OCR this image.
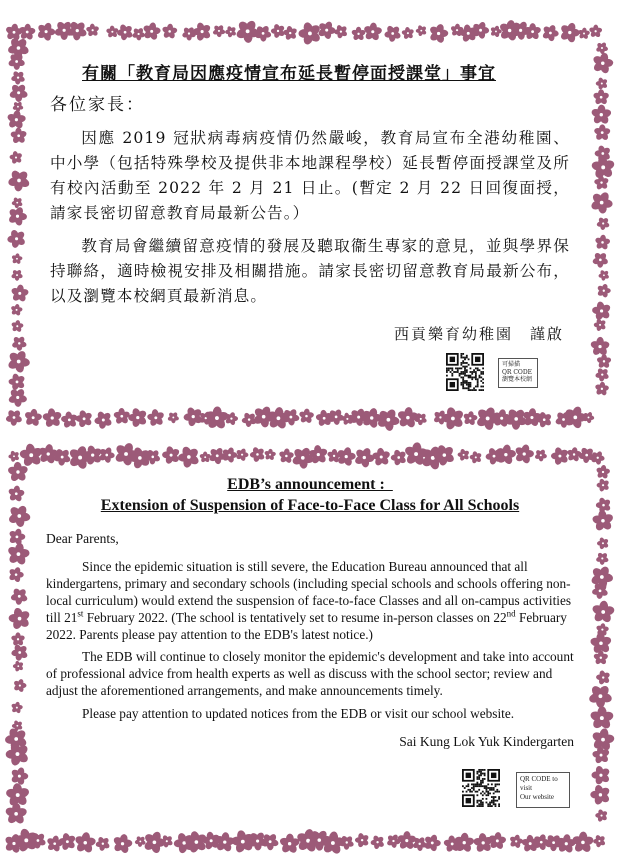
有關「教育局因應疫情宣布延長暫停面授課堂」事宜
各位家長：

因應 2019 冠狀病毒病疫情仍然嚴峻，教育局宣布全港幼稚園、中小學（包括特殊學校及提供非本地課程學校）延長暫停面授課堂及所有校內活動至 2022 年 2 月 21 日止。(暫定 2 月 22 日回復面授，請家長密切留意教育局最新公告。）

教育局會繼續留意疫情的發展及聽取衞生專家的意見，並與學界保持聯絡，適時檢視安排及相關措施。請家長密切留意教育局最新公布，以及瀏覽本校網頁最新消息。

西貢樂育幼稚園　謹啟
可掃描
QR CODE
瀏覽本校網
EDB’s announcement :
Extension of Suspension of Face-to-Face Class for All Schools
Dear Parents,

Since the epidemic situation is still severe, the Education Bureau announced that all kindergartens, primary and secondary schools (including special schools and schools offering non-local curriculum) would extend the suspension of face-to-face Classes and all on-campus activities till 21st February 2022. (The school is tentatively set to resume in-person classes on 22nd February 2022. Parents please pay attention to the EDB's latest notice.)

The EDB will continue to closely monitor the epidemic's development and take into account of professional advice from health experts as well as discuss with the school sector; review and adjust the aforementioned arrangements, and make announcements timely.

Please pay attention to updated notices from the EDB or visit our school website.

Sai Kung Lok Yuk Kindergarten
QR CODE to
visit
Our website
